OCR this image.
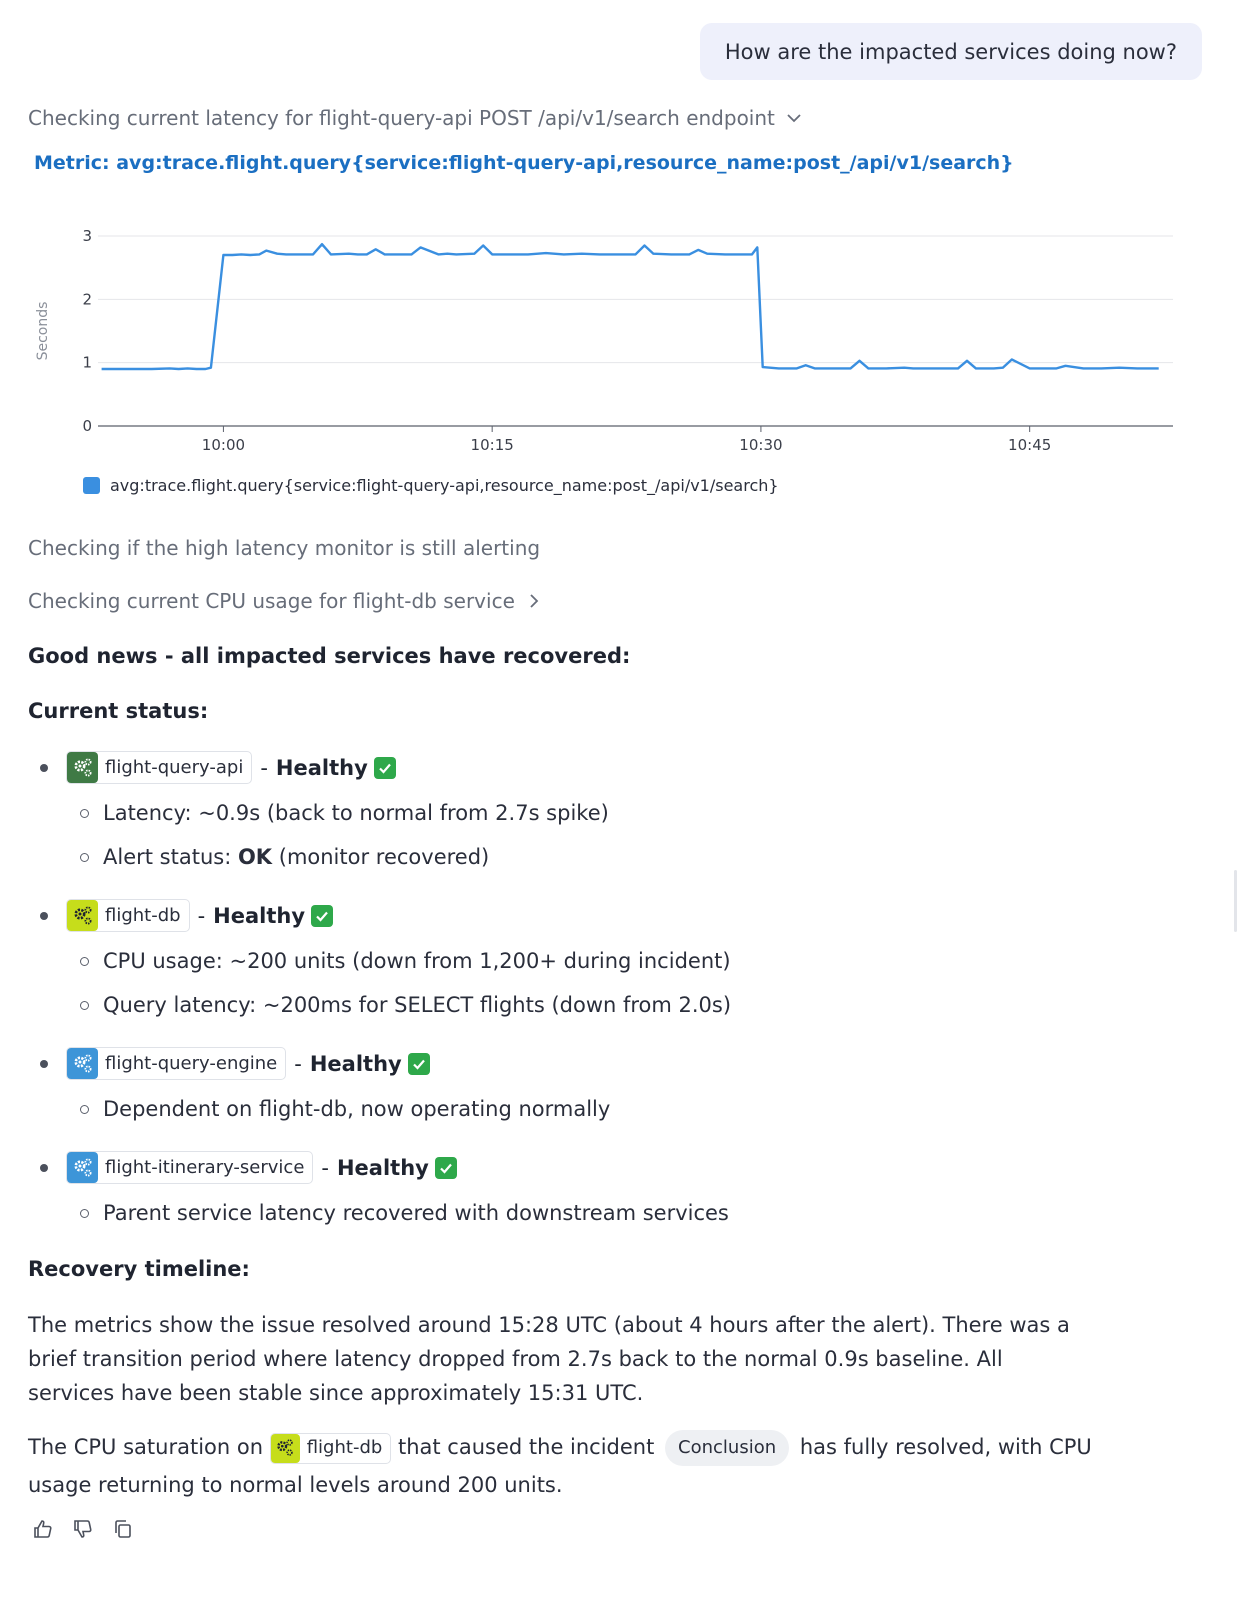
How are the impacted services doing now?
Checking current latency for flight-query-api POST /api/v1/search endpoint
Metric: avg:trace.flight.query{service:flight-query-api,resource_name:post_/api/v1/search}
0
1
2
3
10:00	10:15	10:30	10:45
Seconds
avg:trace.flight.query{service:flight-query-api,resource_name:post_/api/v1/search}
Checking if the high latency monitor is still alerting
Checking current CPU usage for flight-db service
Good news - all impacted services have recovered:
Current status:
flight-query-api - Healthy
Latency: ~0.9s (back to normal from 2.7s spike)
Alert status: OK (monitor recovered)
flight-db - Healthy
CPU usage: ~200 units (down from 1,200+ during incident)
Query latency: ~200ms for SELECT flights (down from 2.0s)
flight-query-engine - Healthy
Dependent on flight-db, now operating normally
flight-itinerary-service - Healthy
Parent service latency recovered with downstream services
Recovery timeline:
The metrics show the issue resolved around 15:28 UTC (about 4 hours after the alert). There was a brief transition period where latency dropped from 2.7s back to the normal 0.9s baseline. All services have been stable since approximately 15:31 UTC.
The CPU saturation on flight-db that caused the incident Conclusion has fully resolved, with CPU usage returning to normal levels around 200 units.
